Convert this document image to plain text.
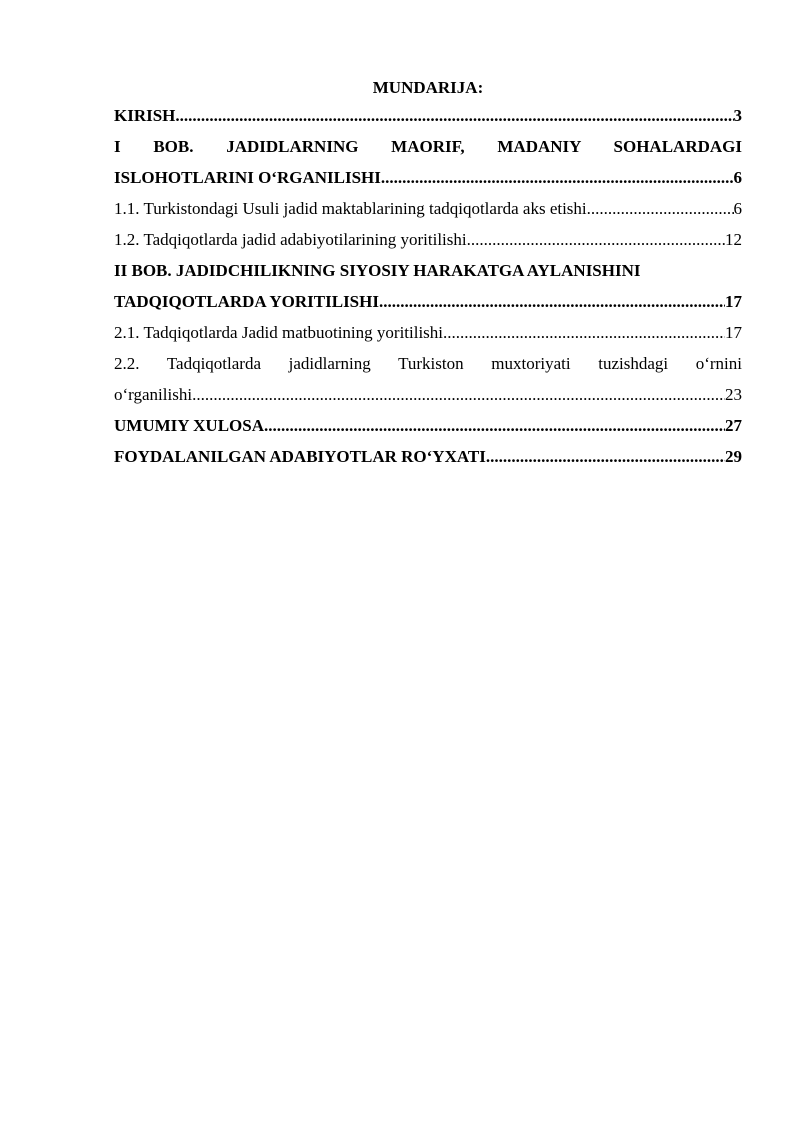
MUNDARIJA:
KIRISH .....	3
I BOB. JADIDLARNING MAORIF, MADANIY SOHALARDAGI
ISLOHOTLARINI O‘RGANILISHI .....	6
1.1. Turkistondagi Usuli jadid maktablarining tadqiqotlarda aks etishi .....	6
1.2. Tadqiqotlarda jadid adabiyotilarining yoritilishi .....	12
II BOB. JADIDCHILIKNING SIYOSIY HARAKATGA AYLANISHINI
TADQIQOTLARDA YORITILISHI .....	17
2.1. Tadqiqotlarda Jadid matbuotining yoritilishi .....	17
2.2. Tadqiqotlarda jadidlarning Turkiston muxtoriyati tuzishdagi o‘rnini
o‘rganilishi .....	23
UMUMIY XULOSA .....	27
FOYDALANILGAN ADABIYOTLAR RO‘YXATI .....	29
